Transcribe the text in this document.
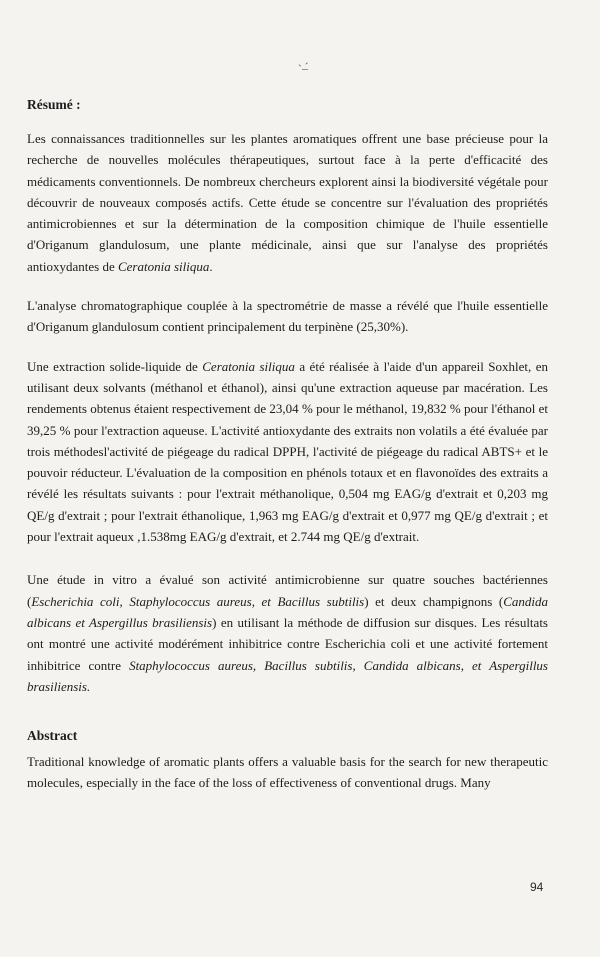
` ̶ ́
Résumé :

Les connaissances traditionnelles sur les plantes aromatiques offrent une base précieuse pour la recherche de nouvelles molécules thérapeutiques, surtout face à la perte d'efficacité des médicaments conventionnels. De nombreux chercheurs explorent ainsi la biodiversité végétale pour découvrir de nouveaux composés actifs. Cette étude se concentre sur l'évaluation des propriétés antimicrobiennes et sur la détermination de la composition chimique de l'huile essentielle d'Origanum glandulosum, une plante médicinale, ainsi que sur l'analyse des propriétés antioxydantes de Ceratonia siliqua.

L'analyse chromatographique couplée à la spectrométrie de masse a révélé que l'huile essentielle d'Origanum glandulosum contient principalement du terpinène (25,30%).

Une extraction solide-liquide de Ceratonia siliqua a été réalisée à l'aide d'un appareil Soxhlet, en utilisant deux solvants (méthanol et éthanol), ainsi qu'une extraction aqueuse par macération. Les rendements obtenus étaient respectivement de 23,04 % pour le méthanol, 19,832 % pour l'éthanol et 39,25 % pour l'extraction aqueuse. L'activité antioxydante des extraits non volatils a été évaluée par trois méthodesl'activité de piégeage du radical DPPH, l'activité de piégeage du radical ABTS+ et le pouvoir réducteur. L'évaluation de la composition en phénols totaux et en flavonoïdes des extraits a révélé les résultats suivants : pour l'extrait méthanolique, 0,504 mg EAG/g d'extrait et 0,203 mg QE/g d'extrait ; pour l'extrait éthanolique, 1,963 mg EAG/g d'extrait et 0,977 mg QE/g d'extrait ; et pour l'extrait aqueux ,1.538mg EAG/g d'extrait, et 2.744 mg QE/g d'extrait.

Une étude in vitro a évalué son activité antimicrobienne sur quatre souches bactériennes (Escherichia coli, Staphylococcus aureus, et Bacillus subtilis) et deux champignons (Candida albicans et Aspergillus brasiliensis) en utilisant la méthode de diffusion sur disques. Les résultats ont montré une activité modérément inhibitrice contre Escherichia coli et une activité fortement inhibitrice contre Staphylococcus aureus, Bacillus subtilis, Candida albicans, et Aspergillus brasiliensis.

Abstract

Traditional knowledge of aromatic plants offers a valuable basis for the search for new therapeutic molecules, especially in the face of the loss of effectiveness of conventional drugs. Many

94
